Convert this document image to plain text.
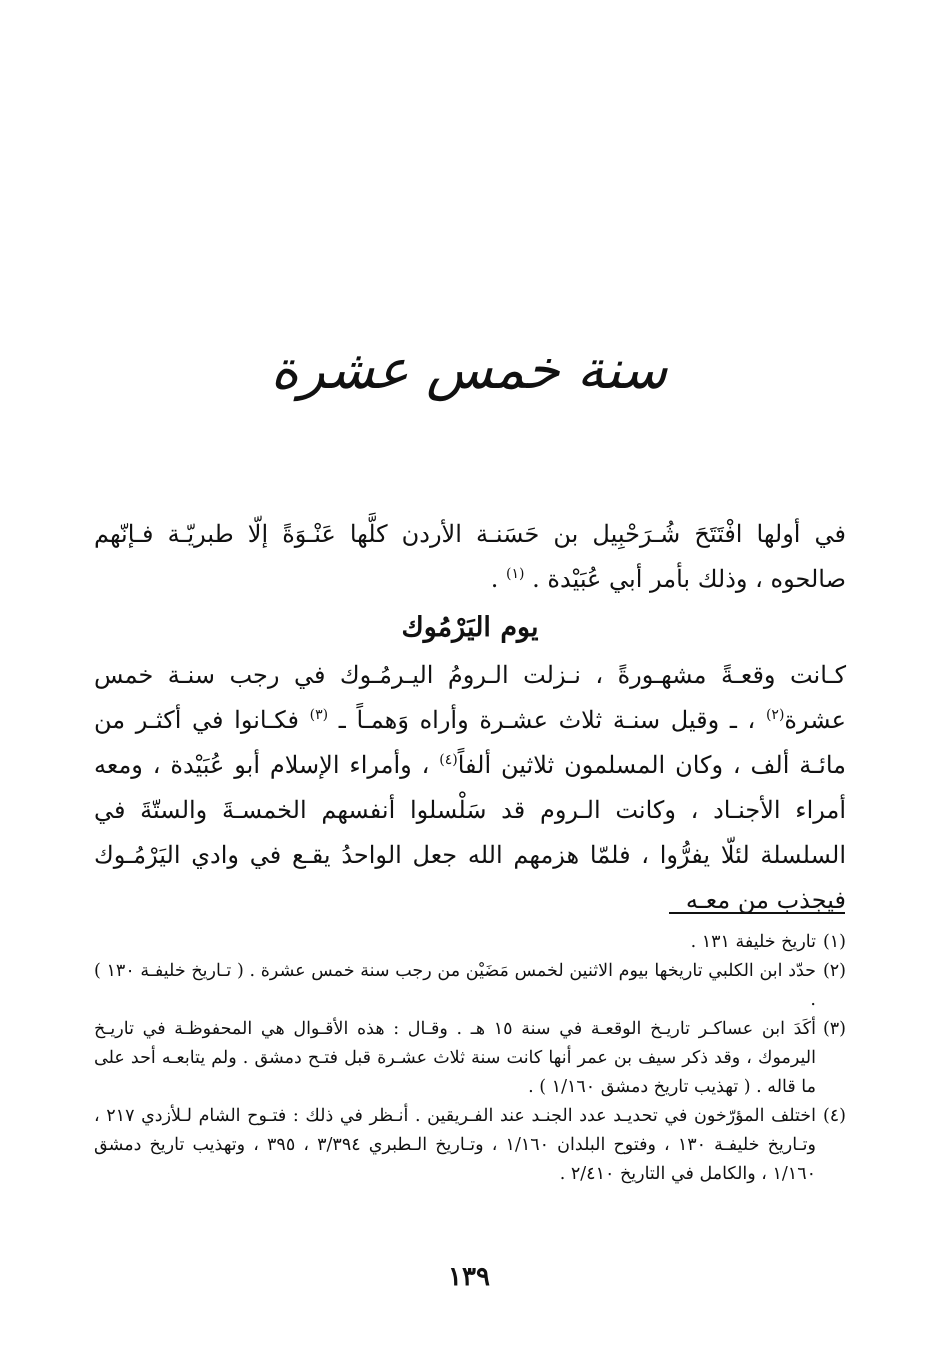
سنة خمس عشرة

في أولها افْتَتَحَ شُـرَحْبِيل بن حَسَنـة الأردن كلَّها عَنْـوَةً إلّا طبريّـة فـإنّهم صالحوه ، وذلك بأمر أبي عُبَيْدة . $^{(١)}$ .

يوم اليَرْمُوك

كـانت وقعـةً مشهـورةً ، نـزلت الـرومُ اليـرمُـوك في رجب سنـة خمس عشرة$^{(٢)}$ ، ـ وقيل سنـة ثلاث عشـرة وأراه وَهمـاً ـ $^{(٣)}$ فكـانوا في أكثـر من مائـة ألف ، وكان المسلمون ثلاثين ألفاً$^{(٤)}$ ، وأمراء الإسلام أبو عُبَيْدة ، ومعه أمراء الأجنـاد ، وكانت الـروم قد سَلْسلوا أنفسهم الخمسـةَ والستّةَ في السلسلة لئلّا يفرُّوا ، فلمّا هزمهم الله جعل الواحدُ يقـع في وادي اليَرْمُـوك فيجذب من معـه

(١)
تاريخ خليفة ١٣١ .

(٢)
حدّد ابن الكلبي تاريخها بيوم الاثنين لخمس مَضَيْن من رجب سنة خمس عشرة . ( تـاريخ خليفـة ١٣٠ ) .

(٣)
أكَدَ ابن عساكـر تاريـخ الوقعـة في سنة ١٥ هـ . وقـال : هذه الأقـوال هي المحفوظـة في تاريـخ اليرموك ، وقد ذكر سيف بن عمر أنها كانت سنة ثلاث عشـرة قبل فتـح دمشق . ولم يتابعـه أحد على ما قاله . ( تهذيب تاريخ دمشق ١/١٦٠ ) .

(٤)
اختلف المؤرّخون في تحديـد عدد الجنـد عند الفـريقين . أنـظر في ذلك : فتـوح الشام لـلأزدي ٢١٧ ، وتـاريخ خليفـة ١٣٠ ، وفتوح البلدان ١/١٦٠ ، وتـاريخ الـطبري ٣/٣٩٤ ، ٣٩٥ ، وتهذيب تاريخ دمشق ١/١٦٠ ، والكامل في التاريخ ٢/٤١٠ .

١٣٩
